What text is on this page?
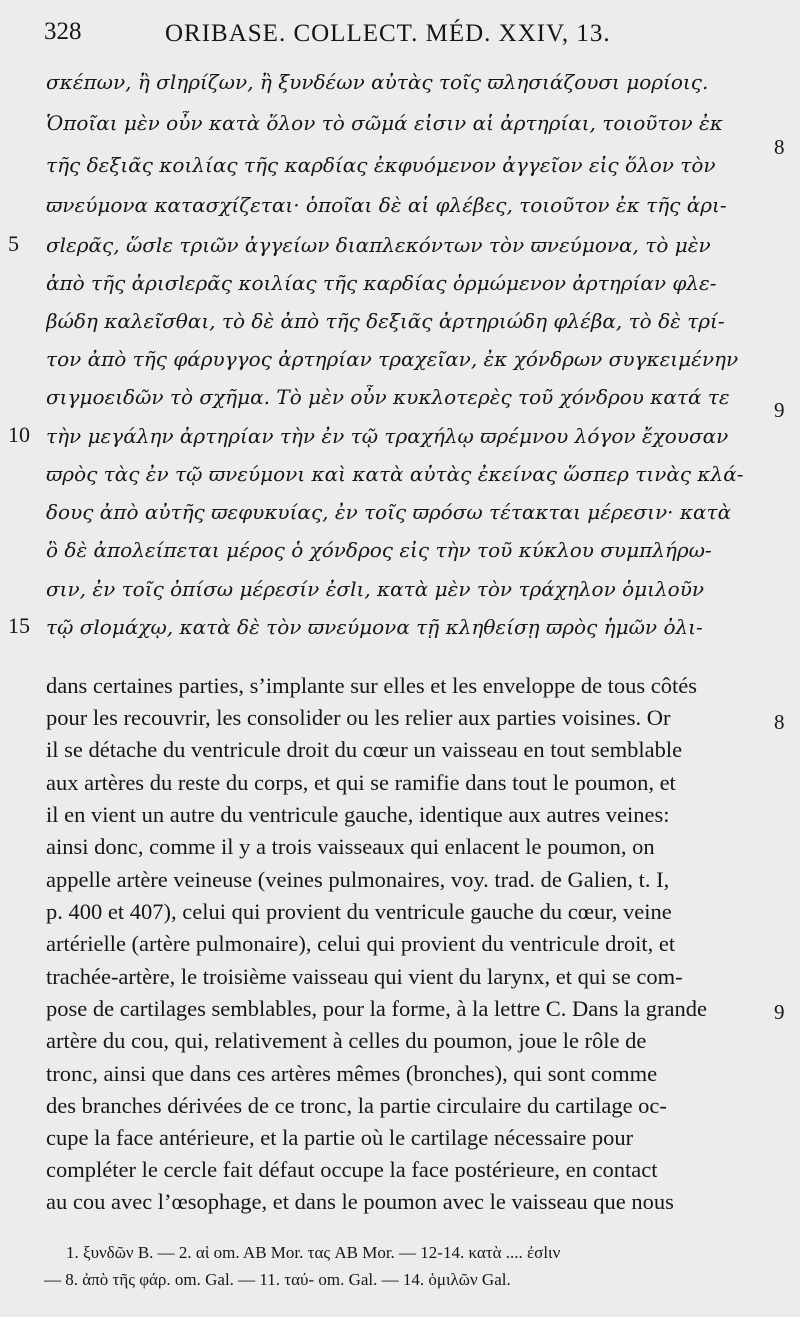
328	ORIBASE. COLLECT. MÉD. XXIV, 13.
σκέπων, ἢ σlηρίζων, ἢ ξυνδέων αὐτὰς τοῖς ϖλησιάζουσι μορίοις.
Ὁποῖαι μὲν οὖν κατὰ ὅλον τὸ σῶμά εἰσιν αἱ ἀρτηρίαι, τοιοῦτον ἐκ
τῆς δεξιᾶς κοιλίας τῆς καρδίας ἐκφυόμενον ἀγγεῖον εἰς ὅλον τὸν
ϖνεύμονα κατασχίζεται· ὁποῖαι δὲ αἱ φλέβες, τοιοῦτον ἐκ τῆς ἀρι-
σlερᾶς, ὥσlε τριῶν ἀγγείων διαπλεκόντων τὸν ϖνεύμονα, τὸ μὲν
ἀπὸ τῆς ἀρισlερᾶς κοιλίας τῆς καρδίας ὁρμώμενον ἀρτηρίαν φλε-
βώδη καλεῖσθαι, τὸ δὲ ἀπὸ τῆς δεξιᾶς ἀρτηριώδη φλέβα, τὸ δὲ τρί-
τον ἀπὸ τῆς φάρυγγος ἀρτηρίαν τραχεῖαν, ἐκ χόνδρων συγκειμένην
σιγμοειδῶν τὸ σχῆμα. Τὸ μὲν οὖν κυκλοτερὲς τοῦ χόνδρου κατά τε
τὴν μεγάλην ἀρτηρίαν τὴν ἐν τῷ τραχήλῳ ϖρέμνου λόγον ἔχουσαν
ϖρὸς τὰς ἐν τῷ ϖνεύμονι καὶ κατὰ αὐτὰς ἐκείνας ὥσπερ τινὰς κλά-
δους ἀπὸ αὐτῆς ϖεφυκυίας, ἐν τοῖς ϖρόσω τέτακται μέρεσιν· κατὰ
ὃ δὲ ἀπολείπεται μέρος ὁ χόνδρος εἰς τὴν τοῦ κύκλου συμπλήρω-
σιν, ἐν τοῖς ὀπίσω μέρεσίν ἐσlι, κατὰ μὲν τὸν τράχηλον ὁμιλοῦν
τῷ σlομάχῳ, κατὰ δὲ τὸν ϖνεύμονα τῇ κληθείσῃ ϖρὸς ἡμῶν ὀλι-
5
10
15
8
9
dans certaines parties, s’implante sur elles et les enveloppe de tous côtés
pour les recouvrir, les consolider ou les relier aux parties voisines. Or
il se détache du ventricule droit du cœur un vaisseau en tout semblable
aux artères du reste du corps, et qui se ramifie dans tout le poumon, et
il en vient un autre du ventricule gauche, identique aux autres veines:
ainsi donc, comme il y a trois vaisseaux qui enlacent le poumon, on
appelle artère veineuse (veines pulmonaires, voy. trad. de Galien, t. I,
p. 400 et 407), celui qui provient du ventricule gauche du cœur, veine
artérielle (artère pulmonaire), celui qui provient du ventricule droit, et
trachée-artère, le troisième vaisseau qui vient du larynx, et qui se com-
pose de cartilages semblables, pour la forme, à la lettre C. Dans la grande
artère du cou, qui, relativement à celles du poumon, joue le rôle de
tronc, ainsi que dans ces artères mêmes (bronches), qui sont comme
des branches dérivées de ce tronc, la partie circulaire du cartilage oc-
cupe la face antérieure, et la partie où le cartilage nécessaire pour
compléter le cercle fait défaut occupe la face postérieure, en contact
au cou avec l’œsophage, et dans le poumon avec le vaisseau que nous
8
9
1. ξυνδῶν B. — 2. αἱ om. AB Mor. τας AB Mor. — 12-14. κατὰ .... ἐσlιν
— 8. ἀπὸ τῆς φάρ. om. Gal. — 11. ταύ- om. Gal. — 14. ὁμιλῶν Gal.
